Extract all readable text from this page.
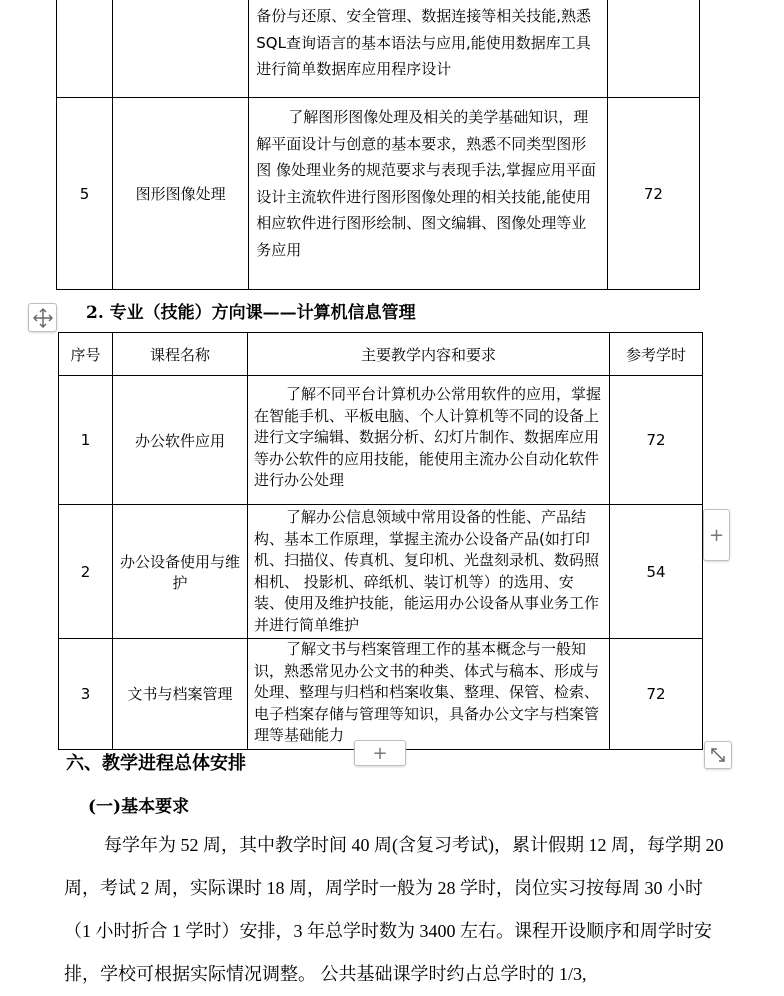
		备份与还原、安全管理、数据连接等相关技能,熟悉SQL查询语言的基本语法与应用,能使用数据库工具进行简单数据库应用程序设计	
5	图形图像处理	了解图形图像处理及相关的美学基础知识，理解平面设计与创意的基本要求，熟悉不同类型图形图 像处理业务的规范要求与表现手法,掌握应用平面设计主流软件进行图形图像处理的相关技能,能使用相应软件进行图形绘制、图文编辑、图像处理等业务应用	72
2. 专业（技能）方向课——计算机信息管理
序号	课程名称	主要教学内容和要求	参考学时
1	办公软件应用	了解不同平台计算机办公常用软件的应用，掌握在智能手机、平板电脑、个人计算机等不同的设备上进行文字编辑、数据分析、幻灯片制作、数据库应用等办公软件的应用技能，能使用主流办公自动化软件进行办公处理	72
2	办公设备使用与维护	了解办公信息领域中常用设备的性能、产品结构、基本工作原理，掌握主流办公设备产品(如打印机、扫描仪、传真机、复印机、光盘刻录机、数码照相机、 投影机、碎纸机、装订机等）的选用、安装、使用及维护技能，能运用办公设备从事业务工作并进行简单维护	54
3	文书与档案管理	了解文书与档案管理工作的基本概念与一般知识，熟悉常见办公文书的种类、体式与稿本、形成与处理、整理与归档和档案收集、整理、保管、检索、电子档案存储与管理等知识，具备办公文字与档案管理等基础能力	72
+
+
六、教学进程总体安排
(一)基本要求
每学年为 52 周，其中教学时间 40 周(含复习考试)，累计假期 12 周，每学期 20 周，考试 2 周，实际课时 18 周，周学时一般为 28 学时，岗位实习按每周 30 小时（1 小时折合 1 学时）安排，3 年总学时数为 3400 左右。课程开设顺序和周学时安排，学校可根据实际情况调整。 公共基础课学时约占总学时的 1/3,
